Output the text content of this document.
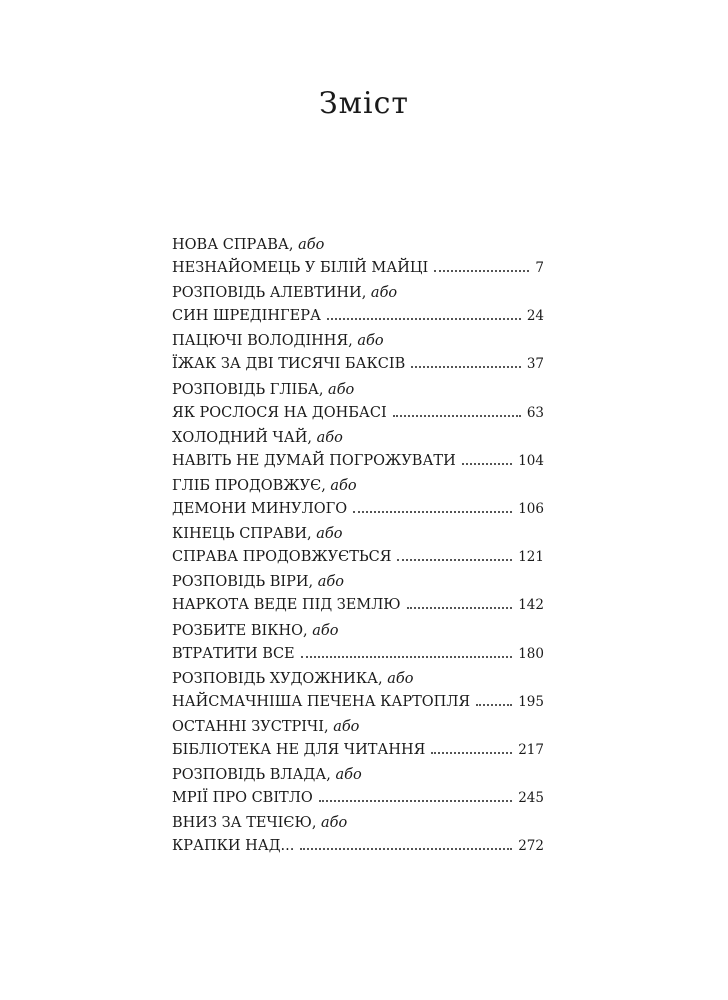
Зміст
НОВА СПРАВА, або
НЕЗНАЙОМЕЦЬ У БІЛІЙ МАЙЦІ	7
РОЗПОВІДЬ АЛЕВТИНИ, або
СИН ШРЕДІНГЕРА	24
ПАЦЮЧІ ВОЛОДІННЯ, або
ЇЖАК ЗА ДВІ ТИСЯЧІ БАКСІВ	37
РОЗПОВІДЬ ГЛІБА, або
ЯК РОСЛОСЯ НА ДОНБАСІ	63
ХОЛОДНИЙ ЧАЙ, або
НАВІТЬ НЕ ДУМАЙ ПОГРОЖУВАТИ	104
ГЛІБ ПРОДОВЖУЄ, або
ДЕМОНИ МИНУЛОГО	106
КІНЕЦЬ СПРАВИ, або
СПРАВА ПРОДОВЖУЄТЬСЯ	121
РОЗПОВІДЬ ВІРИ, або
НАРКОТА ВЕДЕ ПІД ЗЕМЛЮ	142
РОЗБИТЕ ВІКНО, або
ВТРАТИТИ ВСЕ	180
РОЗПОВІДЬ ХУДОЖНИКА, або
НАЙСМАЧНІША ПЕЧЕНА КАРТОПЛЯ	195
ОСТАННІ ЗУСТРІЧІ, або
БІБЛІОТЕКА НЕ ДЛЯ ЧИТАННЯ	217
РОЗПОВІДЬ ВЛАДА, або
МРІЇ ПРО СВІТЛО	245
ВНИЗ ЗА ТЕЧІЄЮ, або
КРАПКИ НАД...	272
